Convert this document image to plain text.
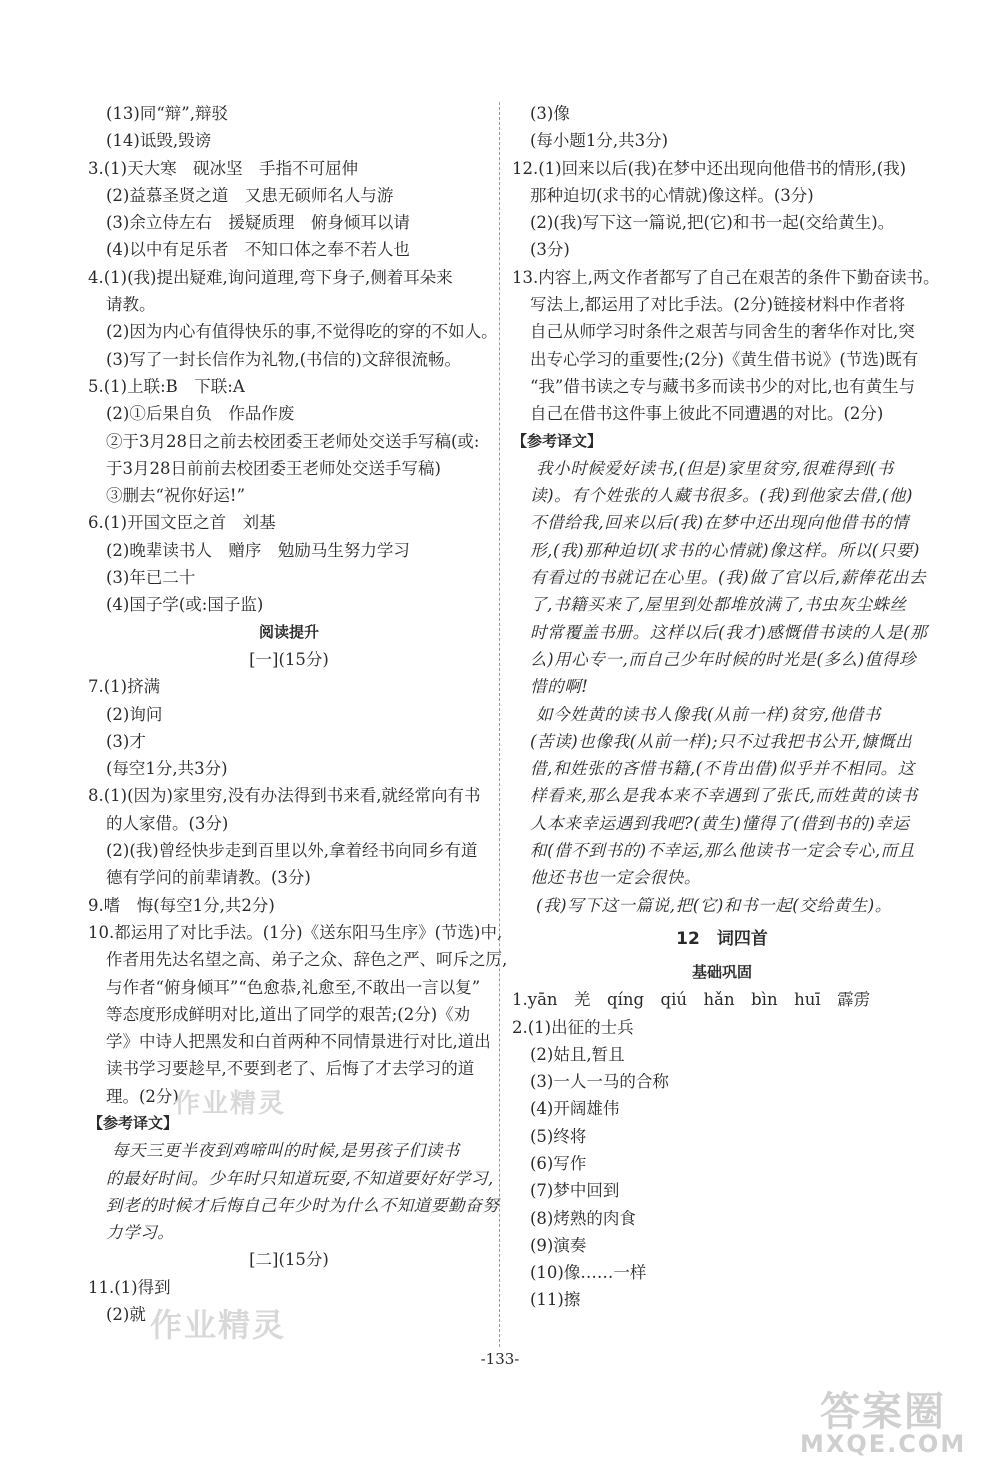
(13)同“辩”,辩驳
(14)诋毁,毁谤
3.(1)天大寒　砚冰坚　手指不可屈伸
(2)益慕圣贤之道　又患无硕师名人与游
(3)余立侍左右　援疑质理　俯身倾耳以请
(4)以中有足乐者　不知口体之奉不若人也
4.(1)(我)提出疑难,询问道理,弯下身子,侧着耳朵来
请教。
(2)因为内心有值得快乐的事,不觉得吃的穿的不如人。
(3)写了一封长信作为礼物,(书信的)文辞很流畅。
5.(1)上联:B　下联:A
(2)①后果自负　作品作废
②于3月28日之前去校团委王老师处交送手写稿(或:
于3月28日前前去校团委王老师处交送手写稿)
③删去“祝你好运!”
6.(1)开国文臣之首　刘基
(2)晚辈读书人　赠序　勉励马生努力学习
(3)年已二十
(4)国子学(或:国子监)
阅读提升
[一](15分)
7.(1)挤满
(2)询问
(3)才
(每空1分,共3分)
8.(1)(因为)家里穷,没有办法得到书来看,就经常向有书
的人家借。(3分)
(2)(我)曾经快步走到百里以外,拿着经书向同乡有道
德有学问的前辈请教。(3分)
9.嗜　悔(每空1分,共2分)
10.都运用了对比手法。(1分)《送东阳马生序》(节选)中,
作者用先达名望之高、弟子之众、辞色之严、呵斥之厉,
与作者“俯身倾耳”“色愈恭,礼愈至,不敢出一言以复”
等态度形成鲜明对比,道出了同学的艰苦;(2分)《劝
学》中诗人把黑发和白首两种不同情景进行对比,道出
读书学习要趁早,不要到老了、后悔了才去学习的道
理。(2分)
【参考译文】
每天三更半夜到鸡啼叫的时候,是男孩子们读书
的最好时间。少年时只知道玩耍,不知道要好好学习,
到老的时候才后悔自己年少时为什么不知道要勤奋努
力学习。
[二](15分)
11.(1)得到
(2)就
(3)像
(每小题1分,共3分)
12.(1)回来以后(我)在梦中还出现向他借书的情形,(我)
那种迫切(求书的心情就)像这样。(3分)
(2)(我)写下这一篇说,把(它)和书一起(交给黄生)。
(3分)
13.内容上,两文作者都写了自己在艰苦的条件下勤奋读书。
写法上,都运用了对比手法。(2分)链接材料中作者将
自己从师学习时条件之艰苦与同舍生的奢华作对比,突
出专心学习的重要性;(2分)《黄生借书说》(节选)既有
“我”借书读之专与藏书多而读书少的对比,也有黄生与
自己在借书这件事上彼此不同遭遇的对比。(2分)
【参考译文】
我小时候爱好读书,(但是)家里贫穷,很难得到(书
读)。有个姓张的人藏书很多。(我)到他家去借,(他)
不借给我,回来以后(我)在梦中还出现向他借书的情
形,(我)那种迫切(求书的心情就)像这样。所以(只要)
有看过的书就记在心里。(我)做了官以后,薪俸花出去
了,书籍买来了,屋里到处都堆放满了,书虫灰尘蛛丝
时常覆盖书册。这样以后(我才)感慨借书读的人是(那
么)用心专一,而自己少年时候的时光是(多么)值得珍
惜的啊!
如今姓黄的读书人像我(从前一样)贫穷,他借书
(苦读)也像我(从前一样);只不过我把书公开,慷慨出
借,和姓张的吝惜书籍,(不肯出借)似乎并不相同。这
样看来,那么是我本来不幸遇到了张氏,而姓黄的读书
人本来幸运遇到我吧?(黄生)懂得了(借到书的)幸运
和(借不到书的)不幸运,那么他读书一定会专心,而且
他还书也一定会很快。
(我)写下这一篇说,把(它)和书一起(交给黄生)。
12　词四首
基础巩固
1.yān　羌　qíng　qiú　hǎn　bìn　huī　霹雳
2.(1)出征的士兵
(2)姑且,暂且
(3)一人一马的合称
(4)开阔雄伟
(5)终将
(6)写作
(7)梦中回到
(8)烤熟的肉食
(9)演奏
(10)像……一样
(11)擦
-133-
作业精灵
作业精灵
答案圈
MXQE.COM
